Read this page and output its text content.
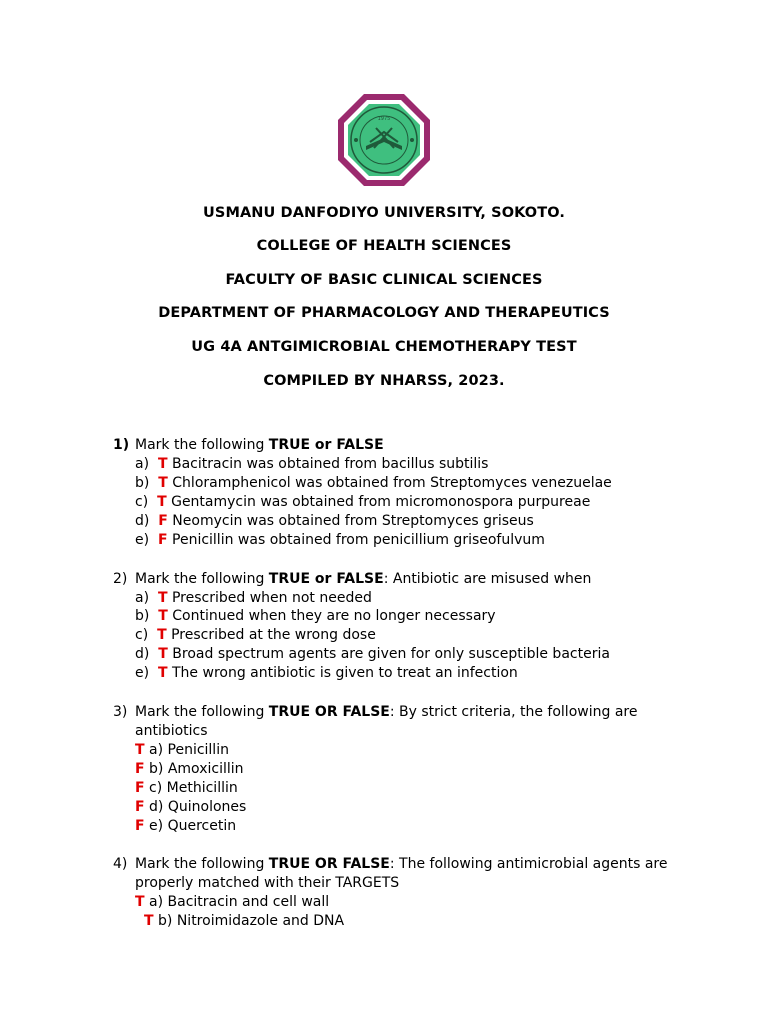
1975
USMANU DANFODIYO UNIVERSITY, SOKOTO.
COLLEGE OF HEALTH SCIENCES
FACULTY OF BASIC CLINICAL SCIENCES
DEPARTMENT OF PHARMACOLOGY AND THERAPEUTICS
UG 4A ANTGIMICROBIAL CHEMOTHERAPY TEST
COMPILED BY NHARSS, 2023.
1) Mark the following TRUE or FALSE
a) T Bacitracin was obtained from bacillus subtilis
b) T Chloramphenicol was obtained from Streptomyces venezuelae
c) T Gentamycin was obtained from micromonospora purpureae
d) F Neomycin was obtained from Streptomyces griseus
e) F Penicillin was obtained from penicillium griseofulvum
2) Mark the following TRUE or FALSE: Antibiotic are misused when
a) T Prescribed when not needed
b) T Continued when they are no longer necessary
c) T Prescribed at the wrong dose
d) T Broad spectrum agents are given for only susceptible bacteria
e) T The wrong antibiotic is given to treat an infection
3) Mark the following TRUE OR FALSE: By strict criteria, the following are
antibiotics
T a) Penicillin
F b) Amoxicillin
F c) Methicillin
F d) Quinolones
F e) Quercetin
4) Mark the following TRUE OR FALSE: The following antimicrobial agents are
properly matched with their TARGETS
T a) Bacitracin and cell wall
T b) Nitroimidazole and DNA
